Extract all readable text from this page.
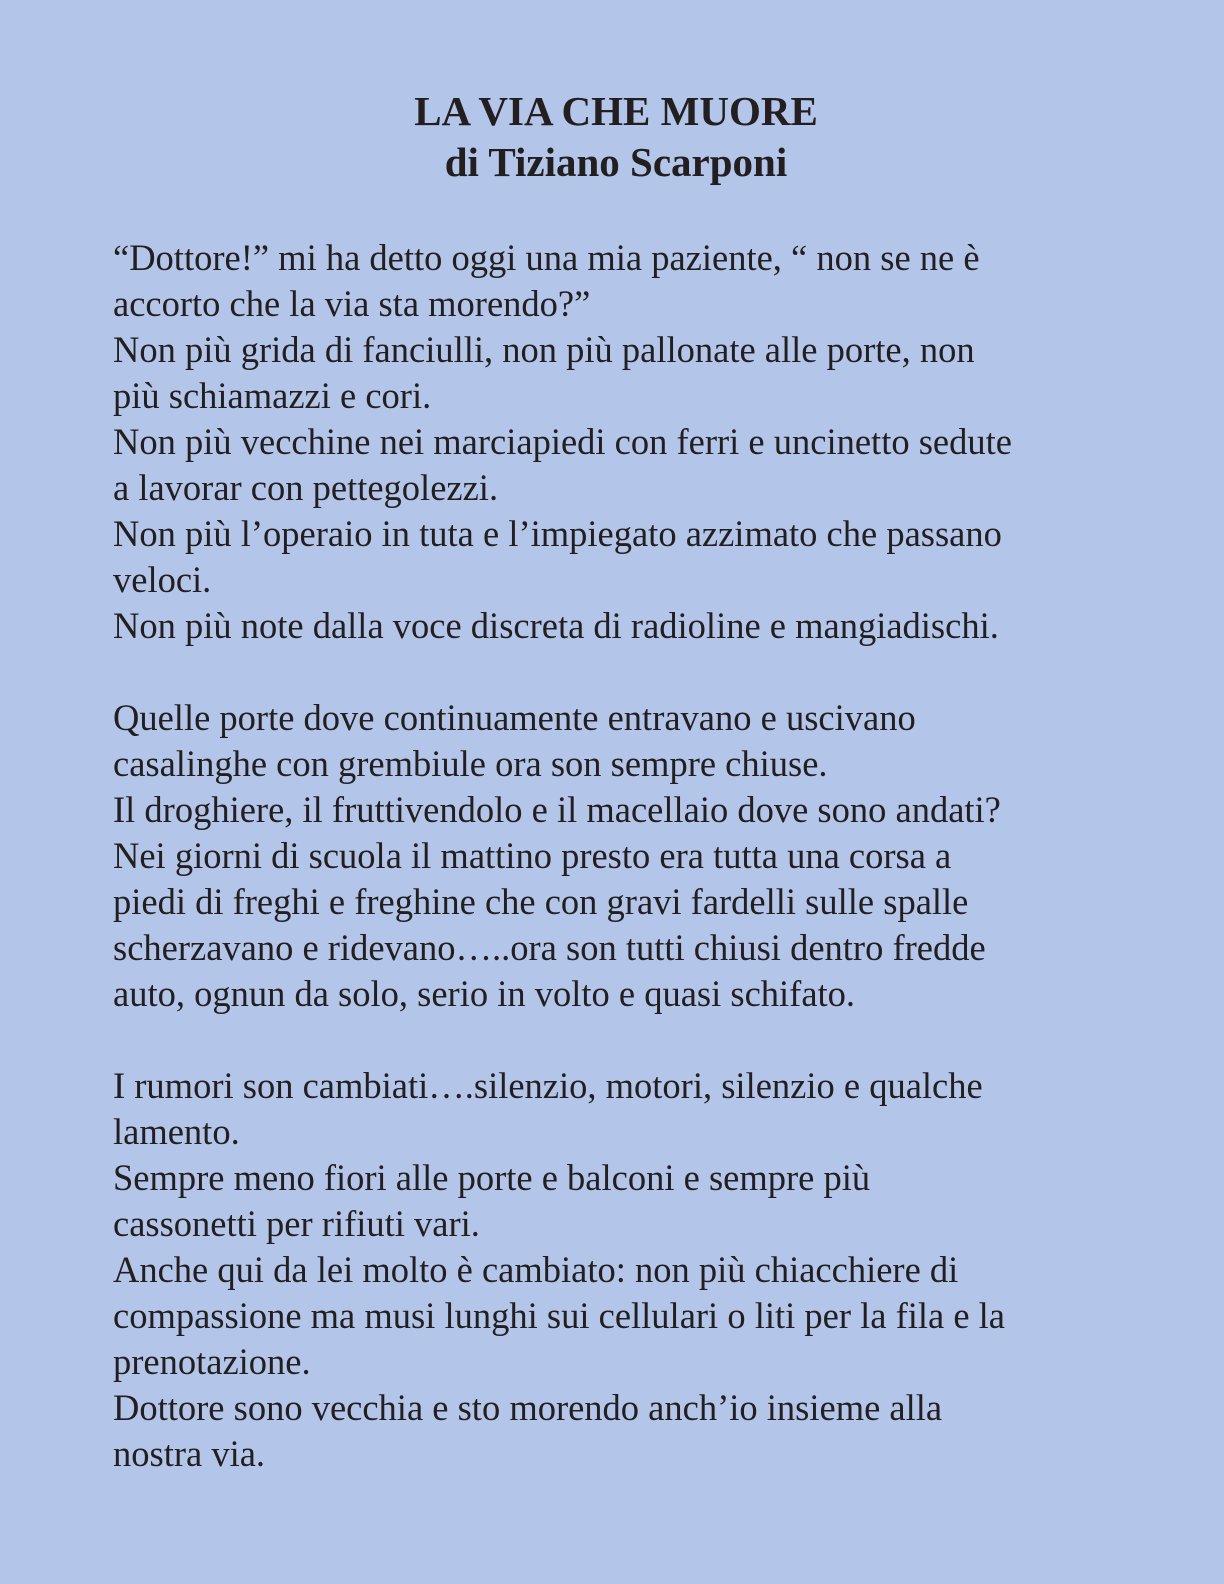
LA VIA CHE MUORE
di Tiziano Scarponi
“Dottore!” mi ha detto oggi una mia paziente, “ non se ne è
accorto che la via sta morendo?”
Non più grida di fanciulli, non più pallonate alle porte, non
più schiamazzi e cori.
Non più vecchine nei marciapiedi con ferri e uncinetto sedute
a lavorar con pettegolezzi.
Non più l’operaio in tuta e l’impiegato azzimato che passano
veloci.
Non più note dalla voce discreta di radioline e mangiadischi.
Quelle porte dove continuamente entravano e uscivano
casalinghe con grembiule ora son sempre chiuse.
Il droghiere, il fruttivendolo e il macellaio dove sono andati?
Nei giorni di scuola il mattino presto era tutta una corsa a
piedi di freghi e freghine che con gravi fardelli sulle spalle
scherzavano e ridevano…..ora son tutti chiusi dentro fredde
auto, ognun da solo, serio in volto e quasi schifato.
I rumori son cambiati….silenzio, motori, silenzio e qualche
lamento.
Sempre meno fiori alle porte e balconi e sempre più
cassonetti per rifiuti vari.
Anche qui da lei molto è cambiato: non più chiacchiere di
compassione ma musi lunghi sui cellulari o liti per la fila e la
prenotazione.
Dottore sono vecchia e sto morendo anch’io insieme alla
nostra via.
